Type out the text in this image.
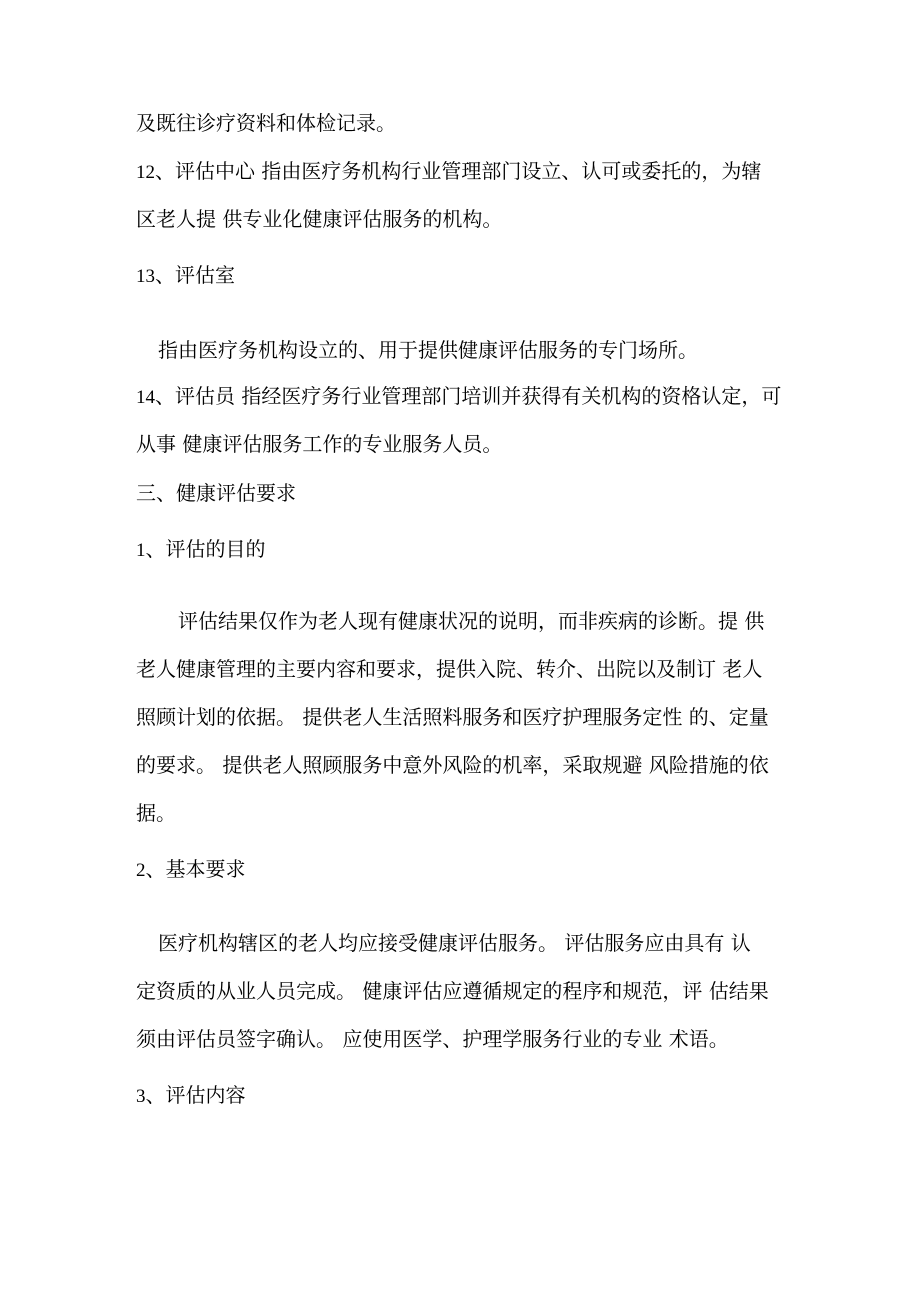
及既往诊疗资料和体检记录。

12、评估中心 指由医疗务机构行业管理部门设立、认可或委托的，为辖

区老人提 供专业化健康评估服务的机构。

13、评估室

指由医疗务机构设立的、用于提供健康评估服务的专门场所。

14、评估员 指经医疗务行业管理部门培训并获得有关机构的资格认定，可

从事 健康评估服务工作的专业服务人员。

三、健康评估要求

1、评估的目的

评估结果仅作为老人现有健康状况的说明，而非疾病的诊断。提 供

老人健康管理的主要内容和要求，提供入院、转介、出院以及制订 老人

照顾计划的依据。 提供老人生活照料服务和医疗护理服务定性 的、定量

的要求。 提供老人照顾服务中意外风险的机率，采取规避 风险措施的依

据。

2、基本要求

医疗机构辖区的老人均应接受健康评估服务。 评估服务应由具有 认

定资质的从业人员完成。 健康评估应遵循规定的程序和规范，评 估结果

须由评估员签字确认。 应使用医学、护理学服务行业的专业 术语。

3、评估内容
